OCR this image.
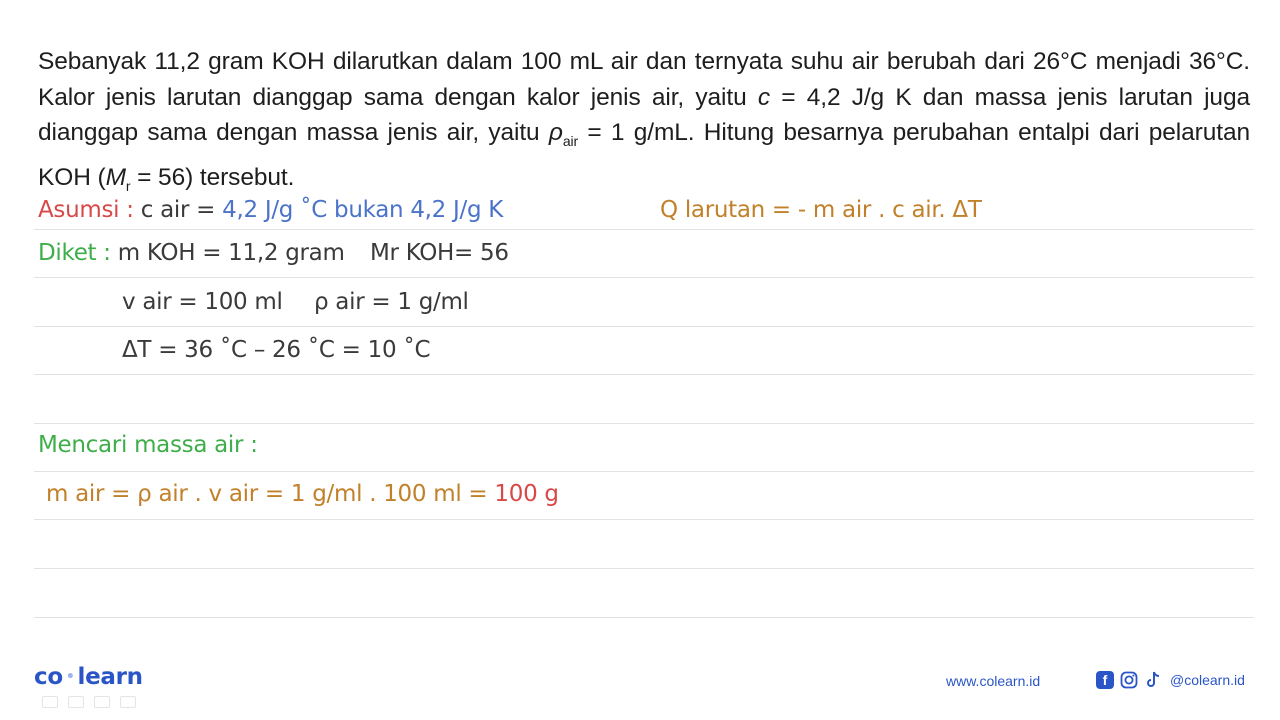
Sebanyak 11,2 gram KOH dilarutkan dalam 100 mL air dan ternyata suhu air berubah dari 26°C menjadi 36°C. Kalor jenis larutan dianggap sama dengan kalor jenis air, yaitu c = 4,2 J/g K dan massa jenis larutan juga dianggap sama dengan massa jenis air, yaitu $\rho_{air} = 1$ g/mL. Hitung besarnya perubahan entalpi dari pelarutan KOH $(M_r = 56)$ tersebut.
Asumsi : c air = 4,2 J/g ˚C bukan 4,2 J/g K	Q larutan = - m air . c air. ΔT
Diket : m KOH = 11,2 gram Mr KOH= 56
v air = 100 ml ρ air = 1 g/ml
ΔT = 36 ˚C – 26 ˚C = 10 ˚C
Mencari massa air :
m air = ρ air . v air = 1 g/ml . 100 ml = 100 g
co • learn	www.colearn.id	f	@colearn.id
